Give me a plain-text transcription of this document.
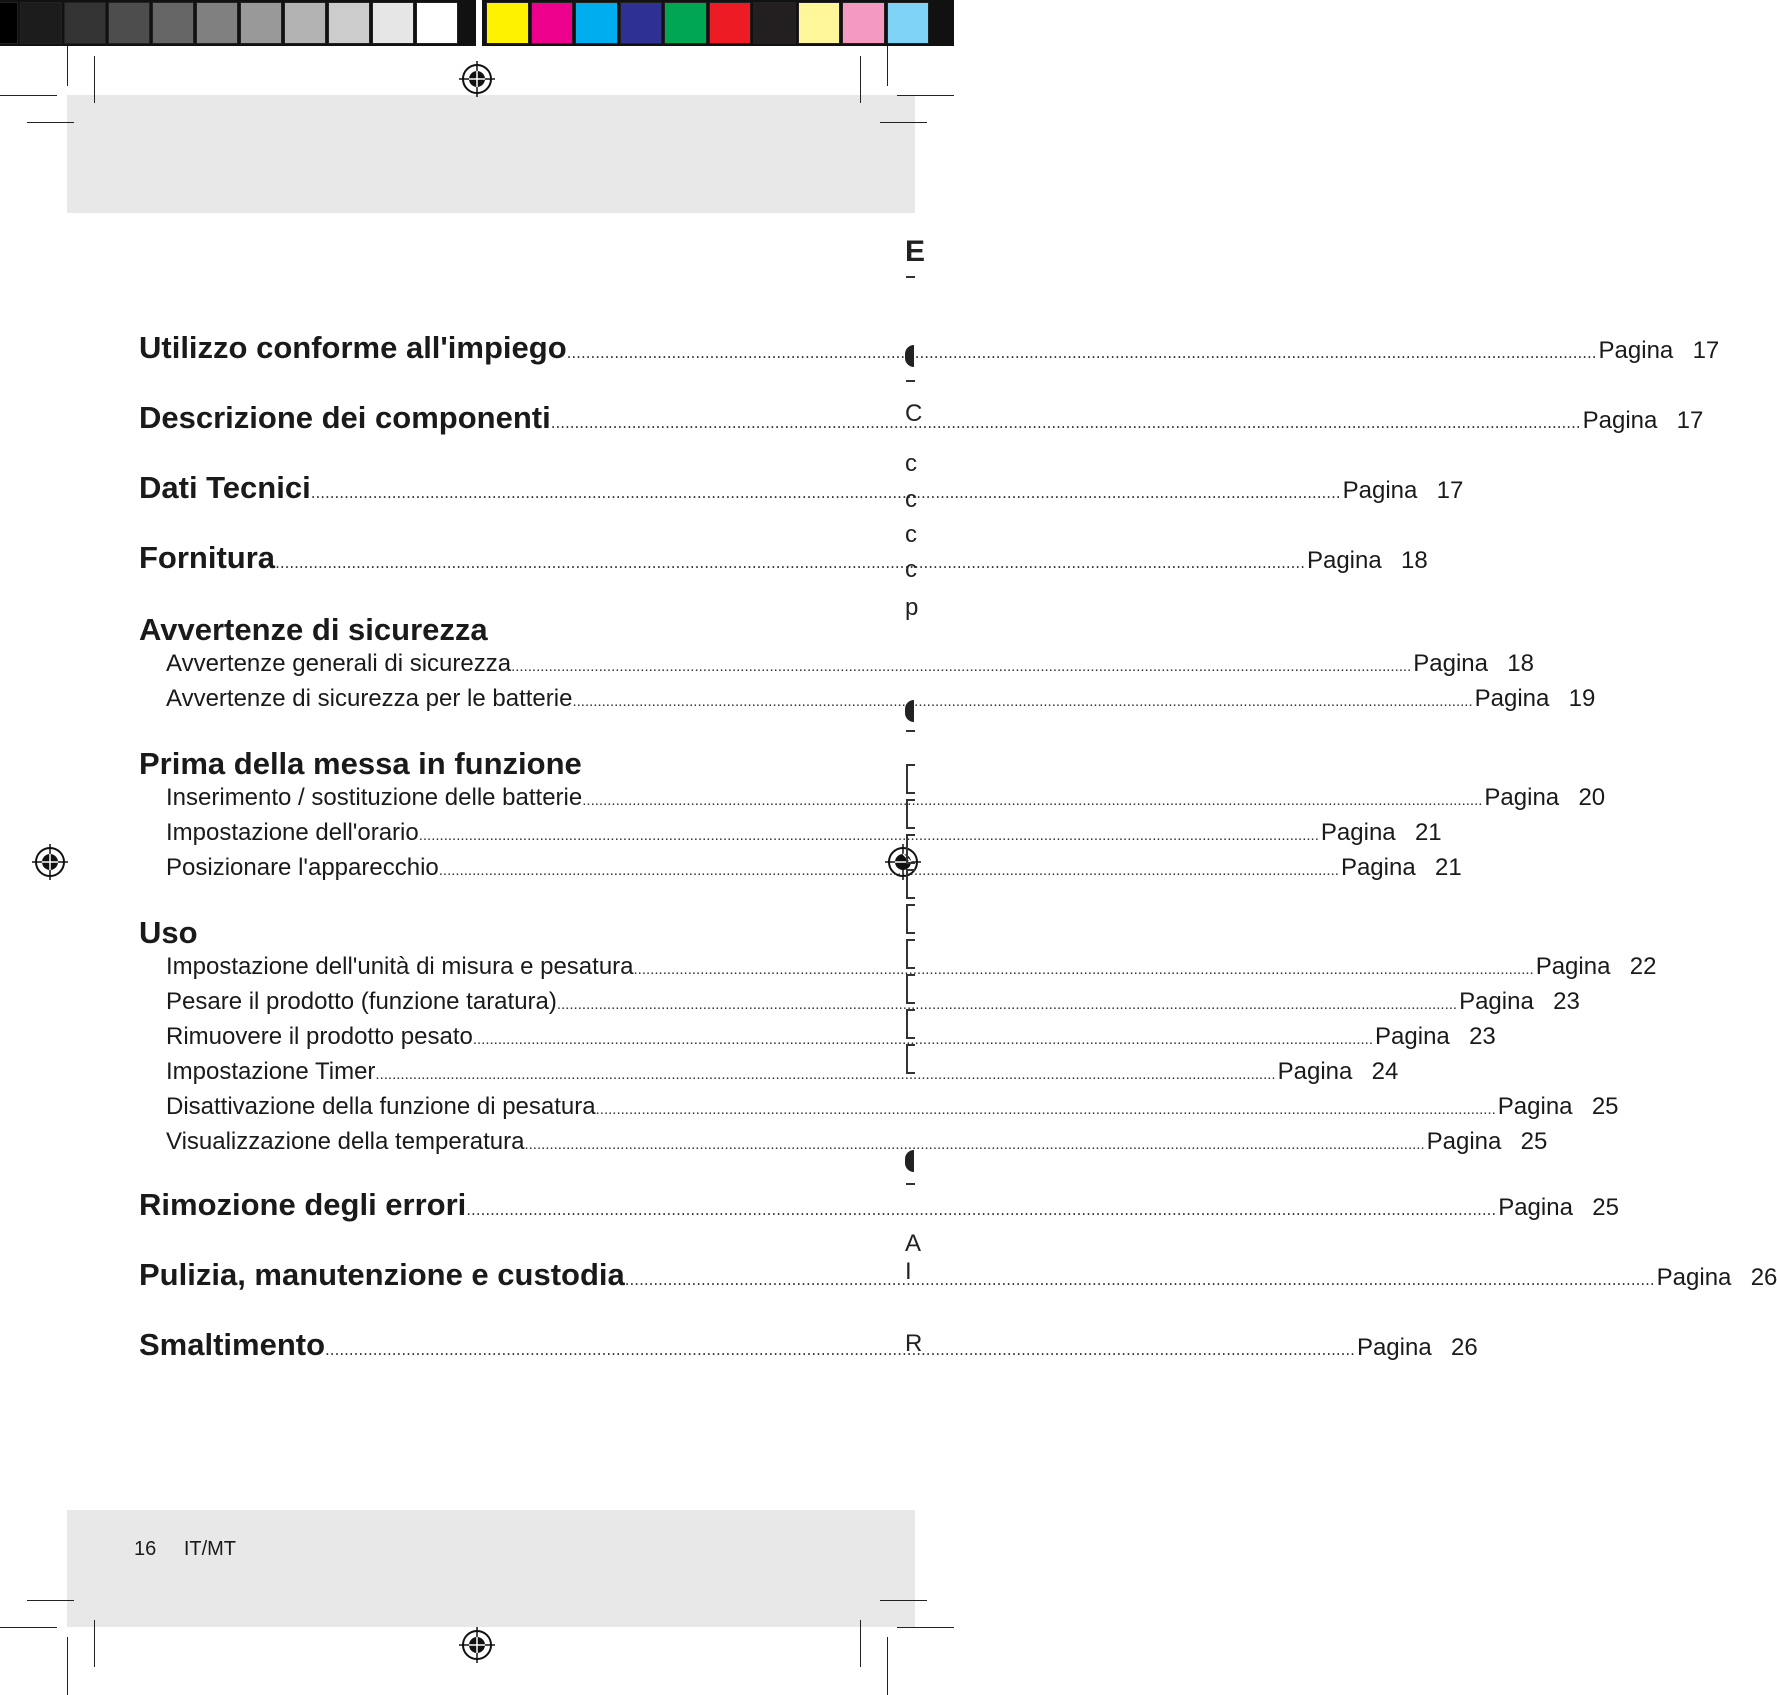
Utilizzo conforme all'impiego .....	Pagina 17
Descrizione dei componenti .....	Pagina 17
Dati Tecnici .....	Pagina 17
Fornitura .....	Pagina 18
Avvertenze di sicurezza
Avvertenze generali di sicurezza .....	Pagina 18
Avvertenze di sicurezza per le batterie .....	Pagina 19
Prima della messa in funzione
Inserimento / sostituzione delle batterie .....	Pagina 20
Impostazione dell'orario .....	Pagina 21
Posizionare l'apparecchio .....	Pagina 21
Uso
Impostazione dell'unità di misura e pesatura .....	Pagina 22
Pesare il prodotto (funzione taratura) .....	Pagina 23
Rimuovere il prodotto pesato .....	Pagina 23
Impostazione Timer .....	Pagina 24
Disattivazione della funzione di pesatura .....	Pagina 25
Visualizzazione della temperatura .....	Pagina 25
Rimozione degli errori .....	Pagina 25
Pulizia, manutenzione e custodia .....	Pagina 26
Smaltimento .....	Pagina 26
16 IT/MT
E
C
c
c
c
c
p
A
I
R
